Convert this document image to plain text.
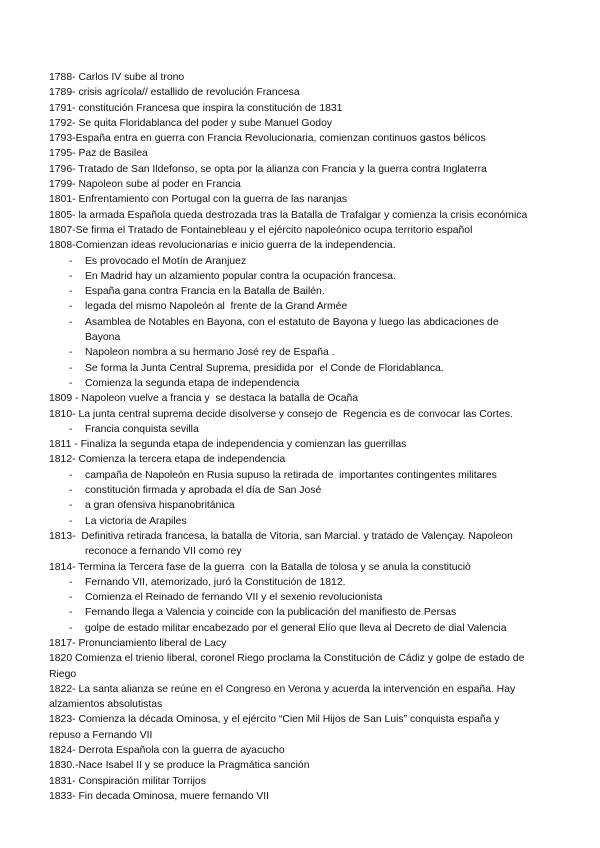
1788- Carlos IV sube al trono
1789- crisis agrícola// estallido de revolución Francesa
1791- constitución Francesa que inspira la constitución de 1831
1792- Se quita Floridablanca del poder y sube Manuel Godoy
1793-España entra en guerra con Francia Revolucionaria, comienzan continuos gastos bélicos
1795- Paz de Basilea
1796- Tratado de San Ildefonso, se opta por la alianza con Francia y la guerra contra Inglaterra
1799- Napoleon sube al poder en Francia
1801- Enfrentamiento con Portugal con la guerra de las naranjas
1805- la armada Española queda destrozada tras la Batalla de Trafalgar y comienza la crisis económica
1807-Se firma el Tratado de Fontainebleau y el ejército napoleónico ocupa territorio español
1808-Comienzan ideas revolucionarias e inicio guerra de la independencia.
- Es provocado el Motín de Aranjuez
- En Madrid hay un alzamiento popular contra la ocupación francesa.
- España gana contra Francia en la Batalla de Bailén.
- legada del mismo Napoleón al  frente de la Grand Armée
- Asamblea de Notables en Bayona, con el estatuto de Bayona y luego las abdicaciones de
Bayona
- Napoleon nombra a su hermano José rey de España .
- Se forma la Junta Central Suprema, presidida por  el Conde de Floridablanca.
- Comienza la segunda etapa de independencia
1809 - Napoleon vuelve a francia y  se destaca la batalla de Ocaña
1810- La junta central suprema decide disolverse y consejo de  Regencia es de convocar las Cortes.
- Francia conquista sevilla
1811 - Finaliza la segunda etapa de independencia y comienzan las guerrillas
1812- Comienza la tercera etapa de independencia
- campaña de Napoleón en Rusia supuso la retirada de  importantes contingentes militares
- constitución firmada y aprobada el día de San José
- a gran ofensiva hispanobritánica
- La victoria de Arapiles
1813-  Definitiva retirada francesa, la batalla de Vitoria, san Marcial. y tratado de Valençay. Napoleon
reconoce a fernando VII como rey
1814- Termina la Tercera fase de la guerra  con la Batalla de tolosa y se anula la constituciò
- Fernando VII, atemorizado, juró la Constitución de 1812.
- Comienza el Reinado de fernando VII y el sexenio revolucionista
- Fernando llega a Valencia y coincide con la publicación del manifiesto de Persas
- golpe de estado militar encabezado por el general Elío que lleva al Decreto de dial Valencia
1817- Pronunciamiento liberal de Lacy
1820 Comienza el trienio liberal, coronel Riego proclama la Constitución de Cádiz y golpe de estado de
Riego
1822- La santa alianza se reúne en el Congreso en Verona y acuerda la intervención en españa. Hay
alzamientos absolutistas
1823- Comienza la década Ominosa, y el ejército “Cien Mil Hijos de San Luis” conquista españa y
repuso a Fernando VII
1824- Derrota Española con la guerra de ayacucho
1830.-Nace Isabel II y se produce la Pragmática sanción
1831- Conspiración militar Torrijos
1833- Fin decada Ominosa, muere fernando VII
